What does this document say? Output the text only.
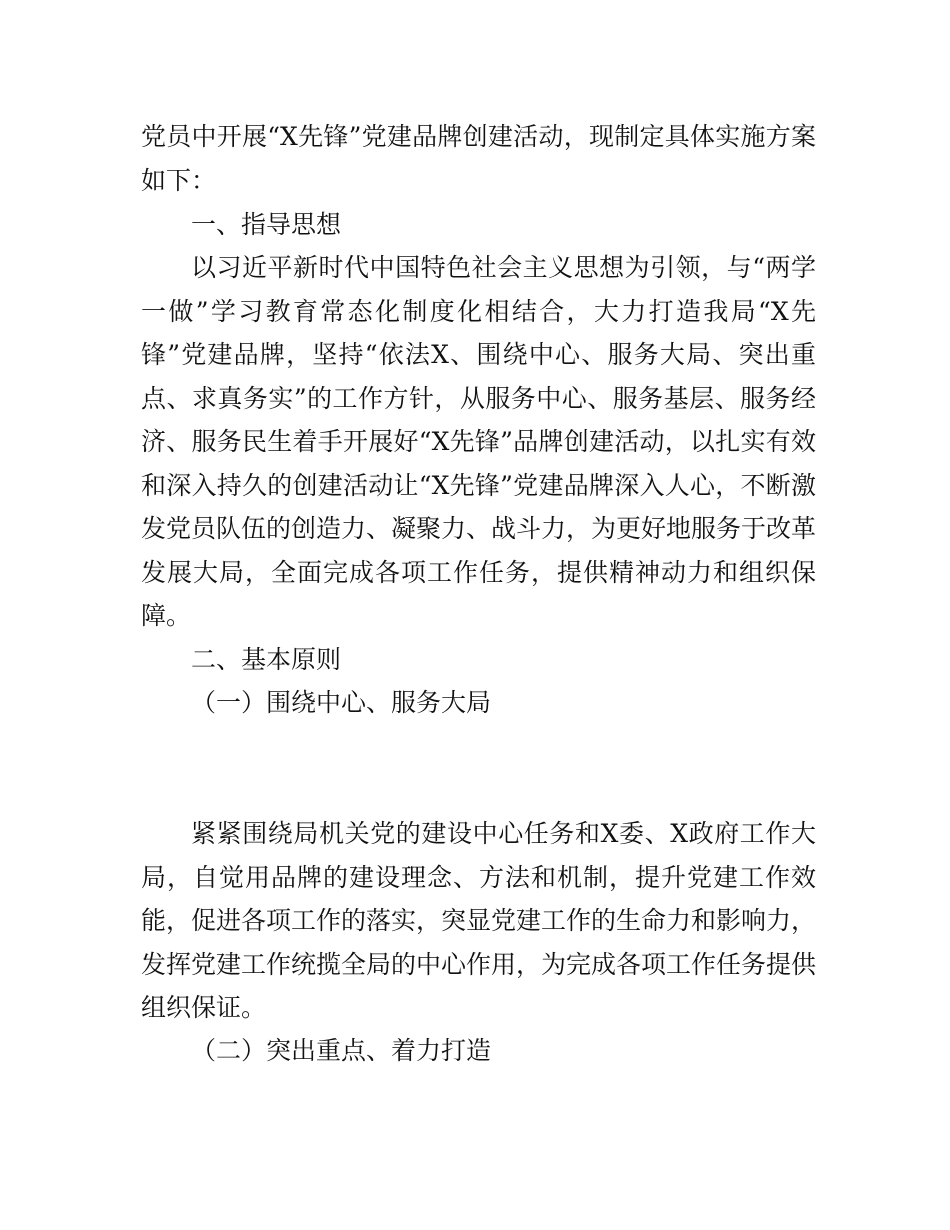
党员中开展“X先锋”党建品牌创建活动，现制定具体实施方案如下：

一、指导思想

以习近平新时代中国特色社会主义思想为引领，与“两学一做”学习教育常态化制度化相结合，大力打造我局“X先锋”党建品牌，坚持“依法X、围绕中心、服务大局、突出重点、求真务实”的工作方针，从服务中心、服务基层、服务经济、服务民生着手开展好“X先锋”品牌创建活动，以扎实有效和深入持久的创建活动让“X先锋”党建品牌深入人心，不断激发党员队伍的创造力、凝聚力、战斗力，为更好地服务于改革发展大局，全面完成各项工作任务，提供精神动力和组织保障。

二、基本原则

（一）围绕中心、服务大局

紧紧围绕局机关党的建设中心任务和X委、X政府工作大局，自觉用品牌的建设理念、方法和机制，提升党建工作效能，促进各项工作的落实，突显党建工作的生命力和影响力，发挥党建工作统揽全局的中心作用，为完成各项工作任务提供组织保证。

（二）突出重点、着力打造
